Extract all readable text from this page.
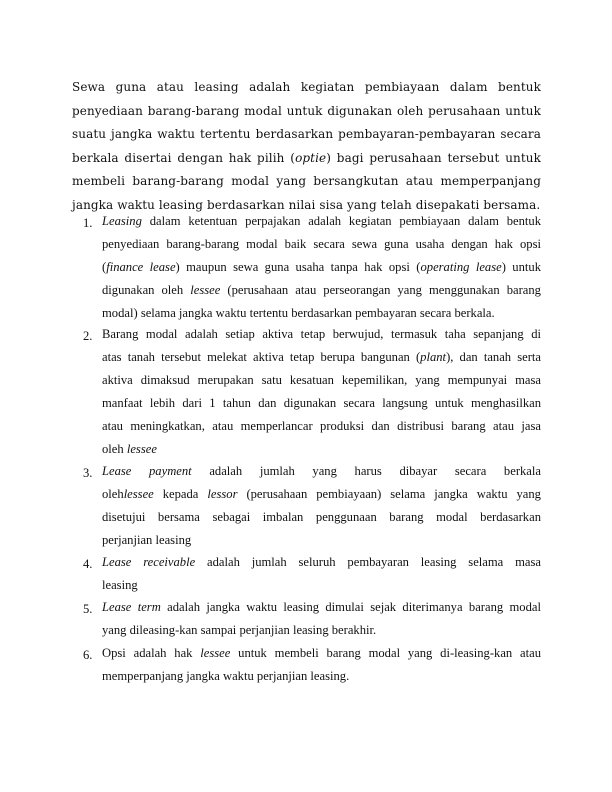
Sewa guna atau leasing adalah kegiatan pembiayaan dalam bentuk
penyediaan barang-barang modal untuk digunakan oleh perusahaan untuk
suatu jangka waktu tertentu berdasarkan pembayaran-pembayaran secara
berkala disertai dengan hak pilih (optie) bagi perusahaan tersebut untuk
membeli barang-barang modal yang bersangkutan atau memperpanjang
jangka waktu leasing berdasarkan nilai sisa yang telah disepakati bersama.
1. Leasing dalam ketentuan perpajakan adalah kegiatan pembiayaan dalam bentuk
penyediaan barang-barang modal baik secara sewa guna usaha dengan hak opsi
(finance lease) maupun sewa guna usaha tanpa hak opsi (operating lease) untuk
digunakan oleh lessee (perusahaan atau perseorangan yang menggunakan barang
modal) selama jangka waktu tertentu berdasarkan pembayaran secara berkala.
2. Barang modal adalah setiap aktiva tetap berwujud, termasuk taha sepanjang di
atas tanah tersebut melekat aktiva tetap berupa bangunan (plant), dan tanah serta
aktiva dimaksud merupakan satu kesatuan kepemilikan, yang mempunyai masa
manfaat lebih dari 1 tahun dan digunakan secara langsung untuk menghasilkan
atau meningkatkan, atau memperlancar produksi dan distribusi barang atau jasa
oleh lessee
3. Lease payment adalah jumlah yang harus dibayar secara berkala
olehlessee kepada lessor (perusahaan pembiayaan) selama jangka waktu yang
disetujui bersama sebagai imbalan penggunaan barang modal berdasarkan
perjanjian leasing
4. Lease receivable adalah jumlah seluruh pembayaran leasing selama masa
leasing
5. Lease term adalah jangka waktu leasing dimulai sejak diterimanya barang modal
yang dileasing-kan sampai perjanjian leasing berakhir.
6. Opsi adalah hak lessee untuk membeli barang modal yang di-leasing-kan atau
memperpanjang jangka waktu perjanjian leasing.
